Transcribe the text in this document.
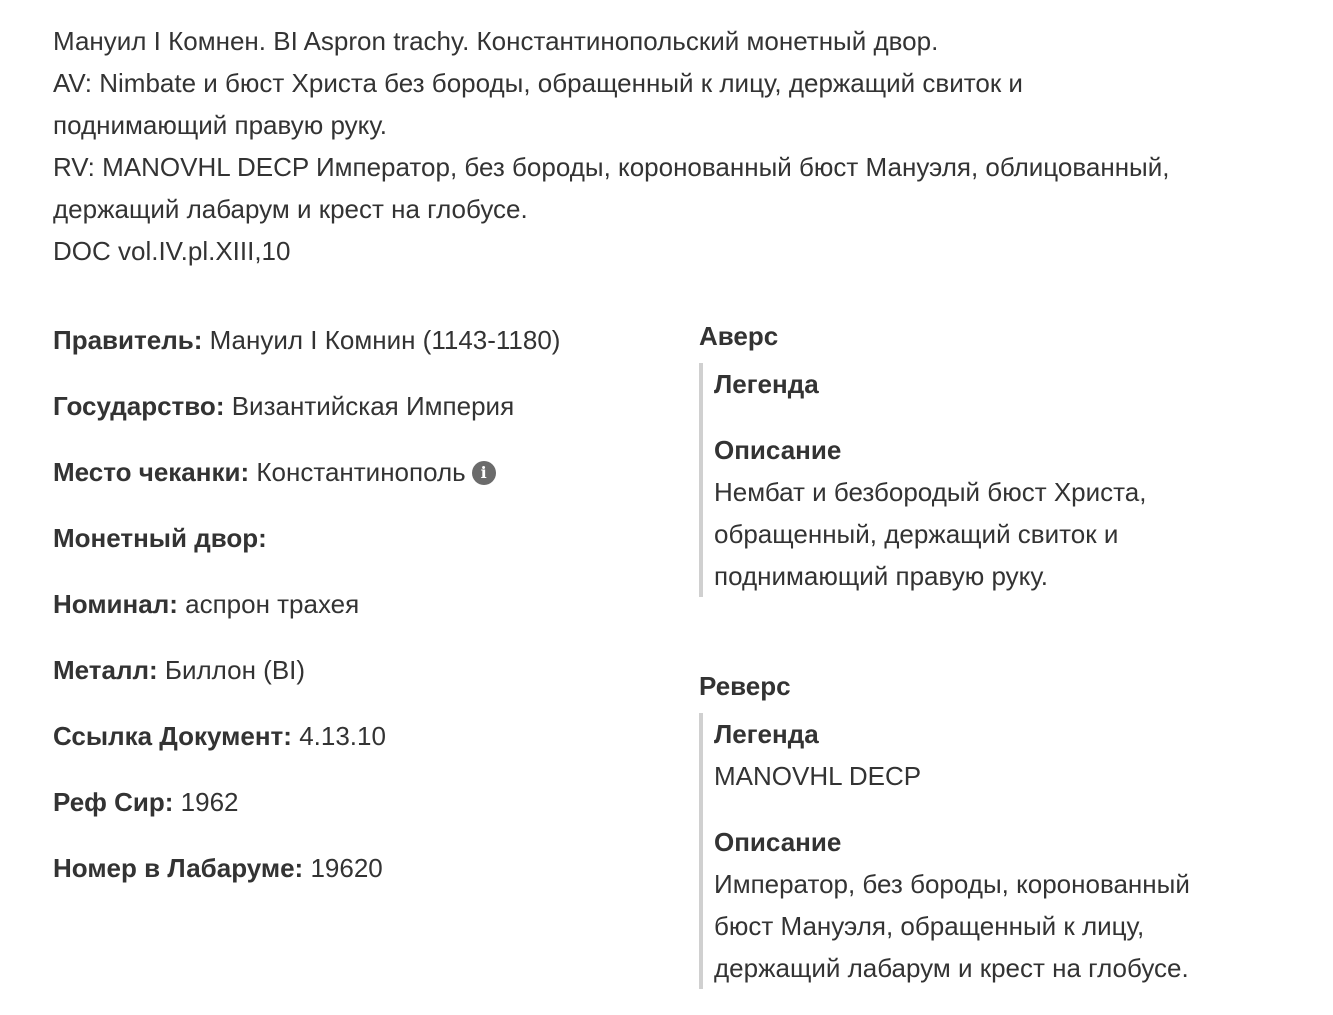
Мануил I Комнен. BI Aspron trachy. Константинопольский монетный двор.

AV: Nimbate и бюст Христа без бороды, обращенный к лицу, держащий свиток и

поднимающий правую руку.

RV: MANOVHL DECP Император, без бороды, коронованный бюст Мануэля, облицованный,

держащий лабарум и крест на глобусе.

DOC vol.IV.pl.XIII,10

Правитель: Мануил I Комнин (1143-1180)
Государство: Византийская Империя
Место чеканки: Константинополь i
Монетный двор:
Номинал: аспрон трахея
Металл: Биллон (BI)
Ссылка Документ: 4.13.10
Реф Сир: 1962
Номер в Лабаруме: 19620
Аверс

Легенда

Описание

Нембат и безбородый бюст Христа,

обращенный, держащий свиток и

поднимающий правую руку.

Реверс

Легенда

MANOVHL DECP

Описание

Император, без бороды, коронованный

бюст Мануэля, обращенный к лицу,

держащий лабарум и крест на глобусе.
